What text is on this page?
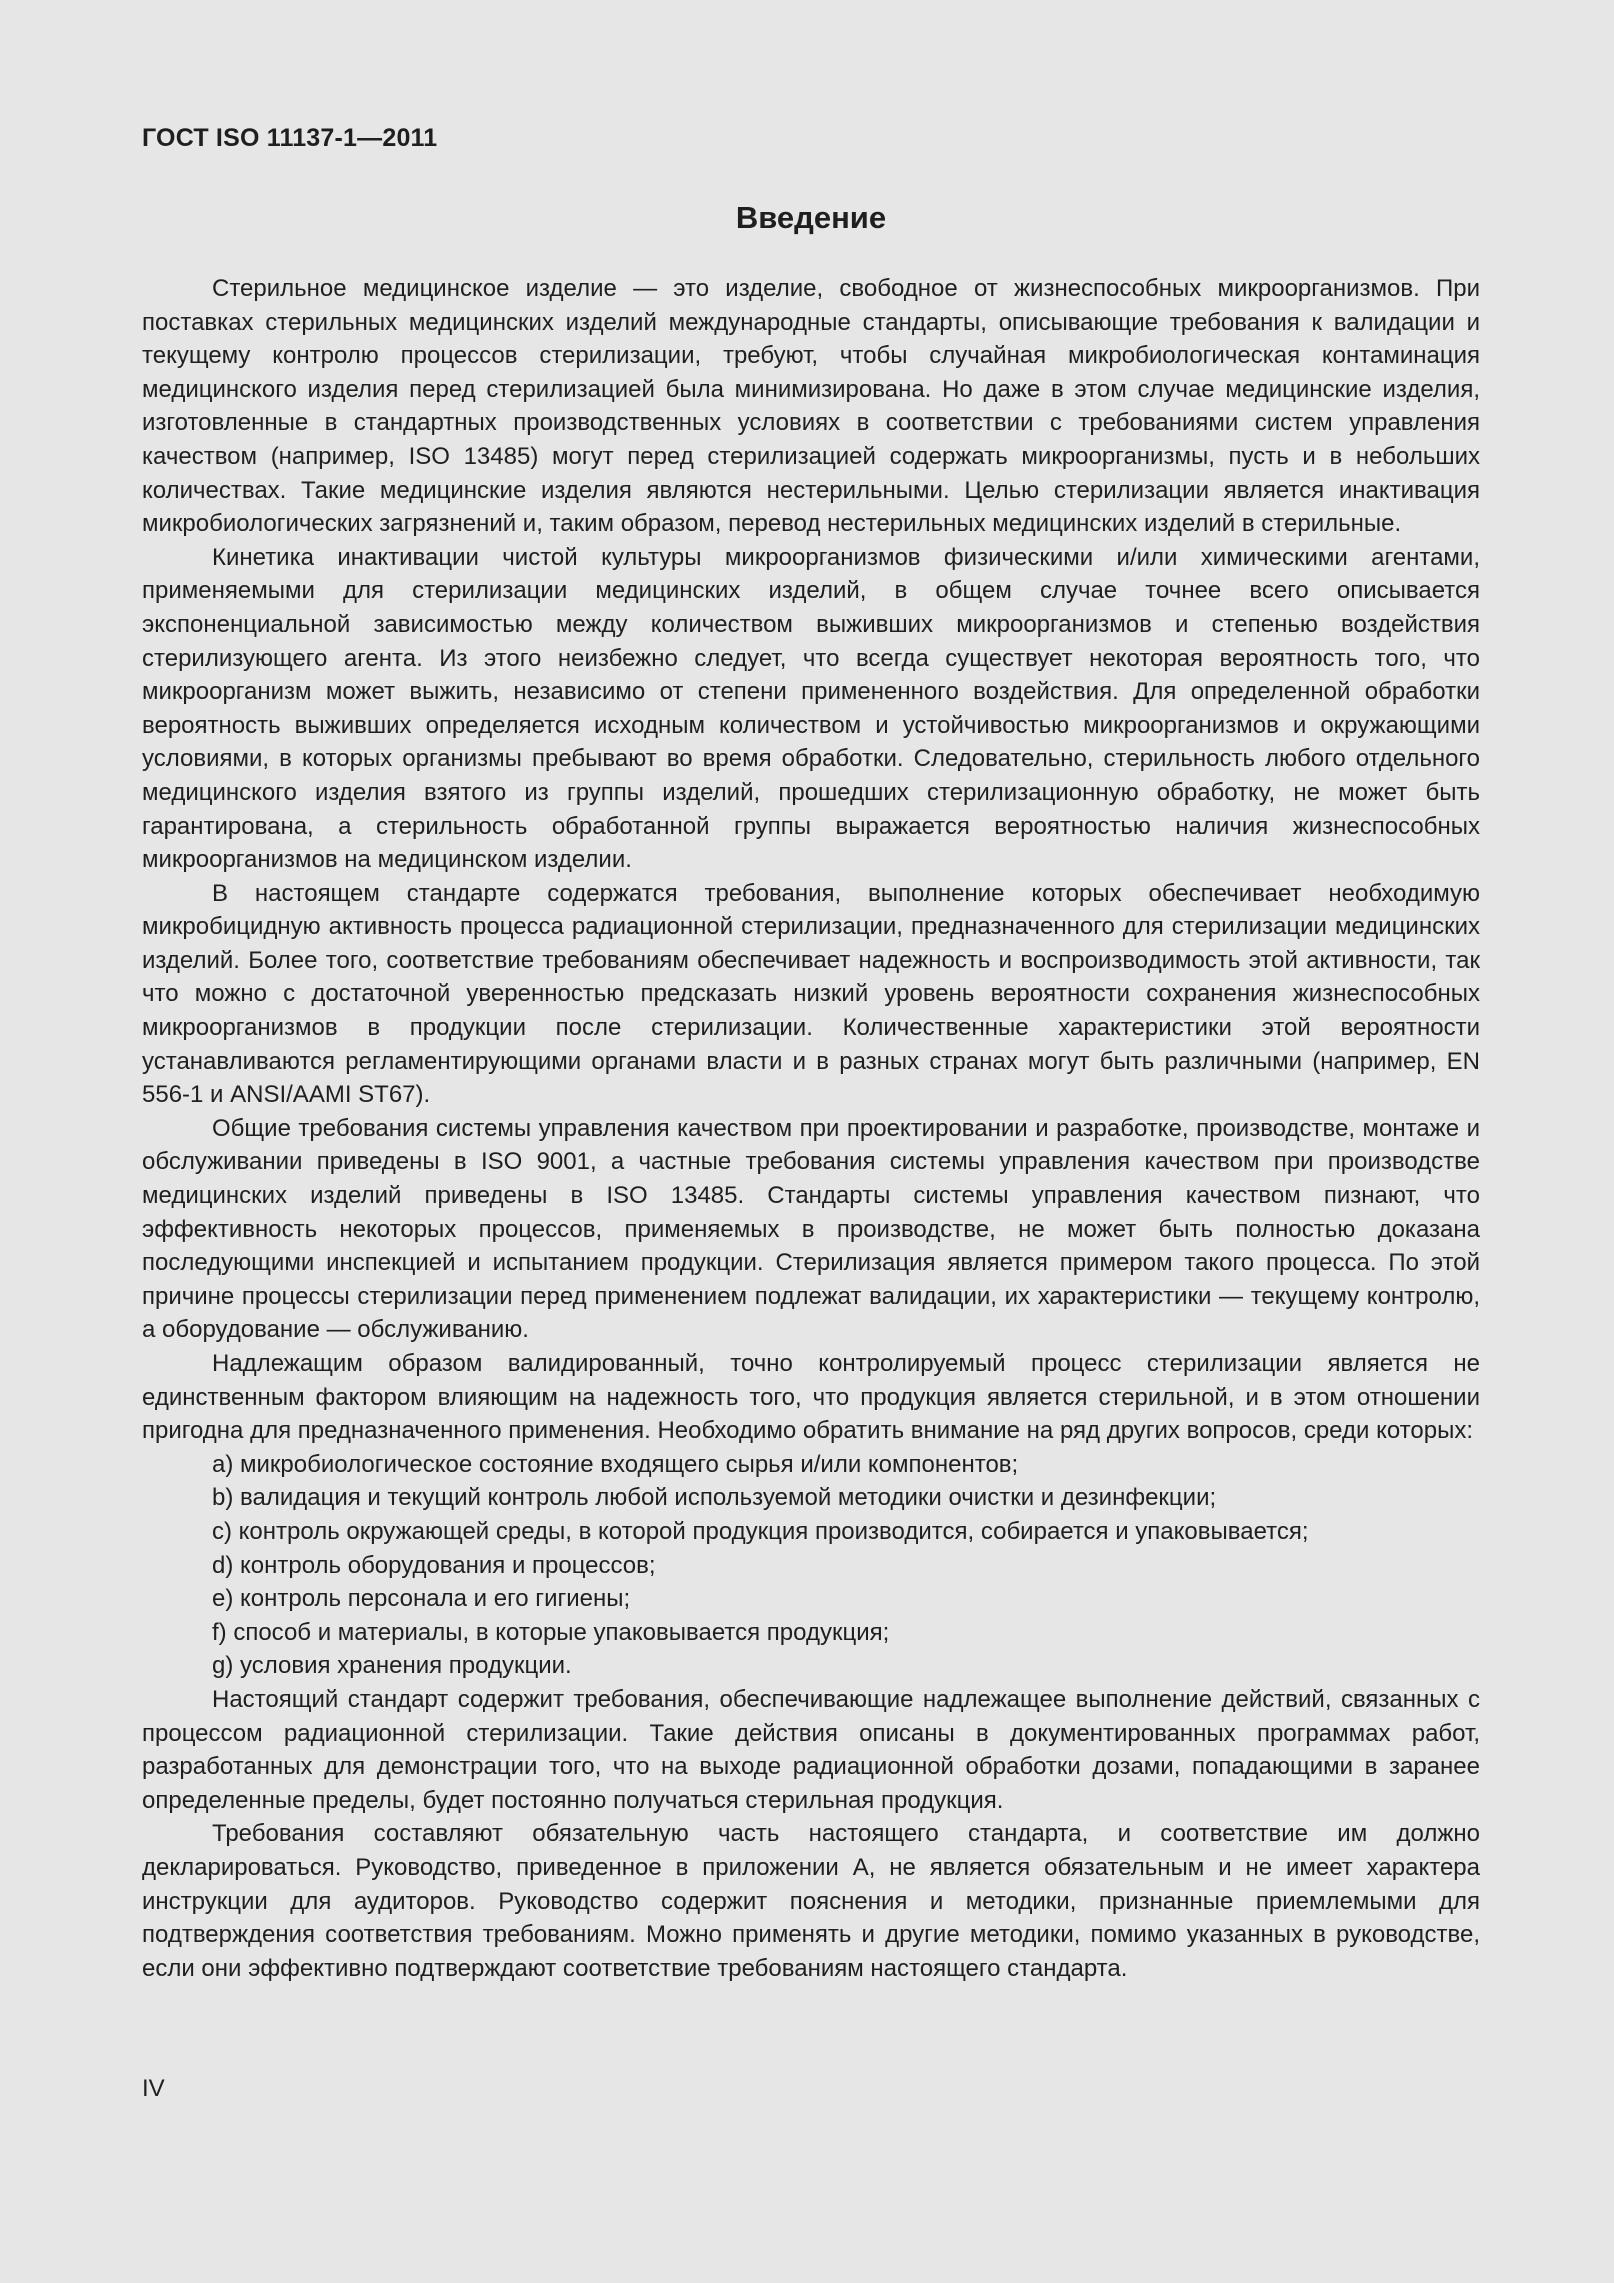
ГОСТ ISO 11137-1—2011
Введение

Стерильное медицинское изделие — это изделие, свободное от жизнеспособных микроорганизмов. При поставках стерильных медицинских изделий международные стандарты, описывающие требования к валидации и текущему контролю процессов стерилизации, требуют, чтобы случайная микробиологическая контаминация медицинского изделия перед стерилизацией была минимизирована. Но даже в этом случае медицинские изделия, изготовленные в стандартных производственных условиях в соответствии с требованиями систем управления качеством (например, ISO 13485) могут перед стерилизацией содержать микроорганизмы, пусть и в небольших количествах. Такие медицинские изделия являются нестерильными. Целью стерилизации является инактивация микробиологических загрязнений и, таким образом, перевод нестерильных медицинских изделий в стерильные.

Кинетика инактивации чистой культуры микроорганизмов физическими и/или химическими агентами, применяемыми для стерилизации медицинских изделий, в общем случае точнее всего описывается экспоненциальной зависимостью между количеством выживших микроорганизмов и степенью воздействия стерилизующего агента. Из этого неизбежно следует, что всегда существует некоторая вероятность того, что микроорганизм может выжить, независимо от степени примененного воздействия. Для определенной обработки вероятность выживших определяется исходным количеством и устойчивостью микроорганизмов и окружающими условиями, в которых организмы пребывают во время обработки. Следовательно, стерильность любого отдельного медицинского изделия взятого из группы изделий, прошедших стерилизационную обработку, не может быть гарантирована, а стерильность обработанной группы выражается вероятностью наличия жизнеспособных микроорганизмов на медицинском изделии.

В настоящем стандарте содержатся требования, выполнение которых обеспечивает необходимую микробицидную активность процесса радиационной стерилизации, предназначенного для стерилизации медицинских изделий. Более того, соответствие требованиям обеспечивает надежность и воспроизводимость этой активности, так что можно с достаточной уверенностью предсказать низкий уровень вероятности сохранения жизнеспособных микроорганизмов в продукции после стерилизации. Количественные характеристики этой вероятности устанавливаются регламентирующими органами власти и в разных странах могут быть различными (например, EN 556-1 и ANSI/AAMI ST67).

Общие требования системы управления качеством при проектировании и разработке, производстве, монтаже и обслуживании приведены в ISO 9001, а частные требования системы управления качеством при производстве медицинских изделий приведены в ISO 13485. Стандарты системы управления качеством пизнают, что эффективность некоторых процессов, применяемых в производстве, не может быть полностью доказана последующими инспекцией и испытанием продукции. Стерилизация является примером такого процесса. По этой причине процессы стерилизации перед применением подлежат валидации, их характеристики — текущему контролю, а оборудование — обслуживанию.

Надлежащим образом валидированный, точно контролируемый процесс стерилизации является не единственным фактором влияющим на надежность того, что продукция является стерильной, и в этом отношении пригодна для предназначенного применения. Необходимо обратить внимание на ряд других вопросов, среди которых:

a) микробиологическое состояние входящего сырья и/или компонентов;
b) валидация и текущий контроль любой используемой методики очистки и дезинфекции;
c) контроль окружающей среды, в которой продукция производится, собирается и упаковывается;
d) контроль оборудования и процессов;
e) контроль персонала и его гигиены;
f) способ и материалы, в которые упаковывается продукция;
g) условия хранения продукции.

Настоящий стандарт содержит требования, обеспечивающие надлежащее выполнение действий, связанных с процессом радиационной стерилизации. Такие действия описаны в документированных программах работ, разработанных для демонстрации того, что на выходе радиационной обработки дозами, попадающими в заранее определенные пределы, будет постоянно получаться стерильная продукция.

Требования составляют обязательную часть настоящего стандарта, и соответствие им должно декларироваться. Руководство, приведенное в приложении А, не является обязательным и не имеет характера инструкции для аудиторов. Руководство содержит пояснения и методики, признанные приемлемыми для подтверждения соответствия требованиям. Можно применять и другие методики, помимо указанных в руководстве, если они эффективно подтверждают соответствие требованиям настоящего стандарта.

IV
